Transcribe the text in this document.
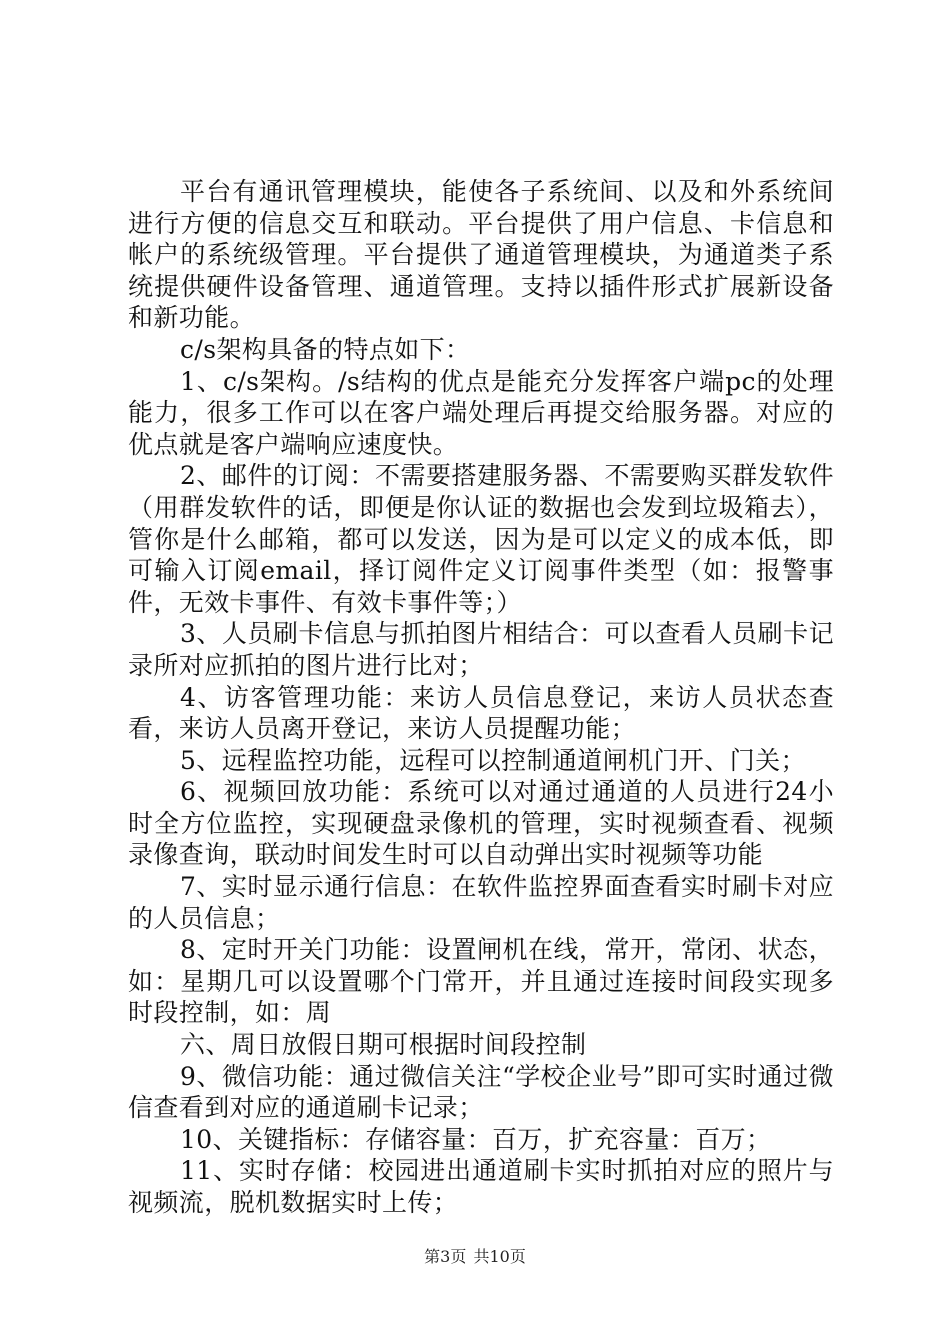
平台有通讯管理模块，能使各子系统间、以及和外系统间进行方便的信息交互和联动。平台提供了用户信息、卡信息和帐户的系统级管理。平台提供了通道管理模块，为通道类子系统提供硬件设备管理、通道管理。支持以插件形式扩展新设备和新功能。

c/s架构具备的特点如下：

1、c/s架构。/s结构的优点是能充分发挥客户端pc的处理能力，很多工作可以在客户端处理后再提交给服务器。对应的优点就是客户端响应速度快。

2、邮件的订阅：不需要搭建服务器、不需要购买群发软件（用群发软件的话，即便是你认证的数据也会发到垃圾箱去），管你是什么邮箱，都可以发送，因为是可以定义的成本低，即可输入订阅email，择订阅件定义订阅事件类型（如：报警事件，无效卡事件、有效卡事件等；）

3、人员刷卡信息与抓拍图片相结合：可以查看人员刷卡记录所对应抓拍的图片进行比对；

4、访客管理功能：来访人员信息登记，来访人员状态查看，来访人员离开登记，来访人员提醒功能；

5、远程监控功能，远程可以控制通道闸机门开、门关；

6、视频回放功能：系统可以对通过通道的人员进行24小时全方位监控，实现硬盘录像机的管理，实时视频查看、视频录像查询，联动时间发生时可以自动弹出实时视频等功能

7、实时显示通行信息：在软件监控界面查看实时刷卡对应的人员信息；

8、定时开关门功能：设置闸机在线，常开，常闭、状态，如：星期几可以设置哪个门常开，并且通过连接时间段实现多时段控制，如：周

六、周日放假日期可根据时间段控制

9、微信功能：通过微信关注“学校企业号”即可实时通过微信查看到对应的通道刷卡记录；

10、关键指标：存储容量：百万，扩充容量：百万；

11、实时存储：校园进出通道刷卡实时抓拍对应的照片与视频流，脱机数据实时上传；

第3页 共10页
